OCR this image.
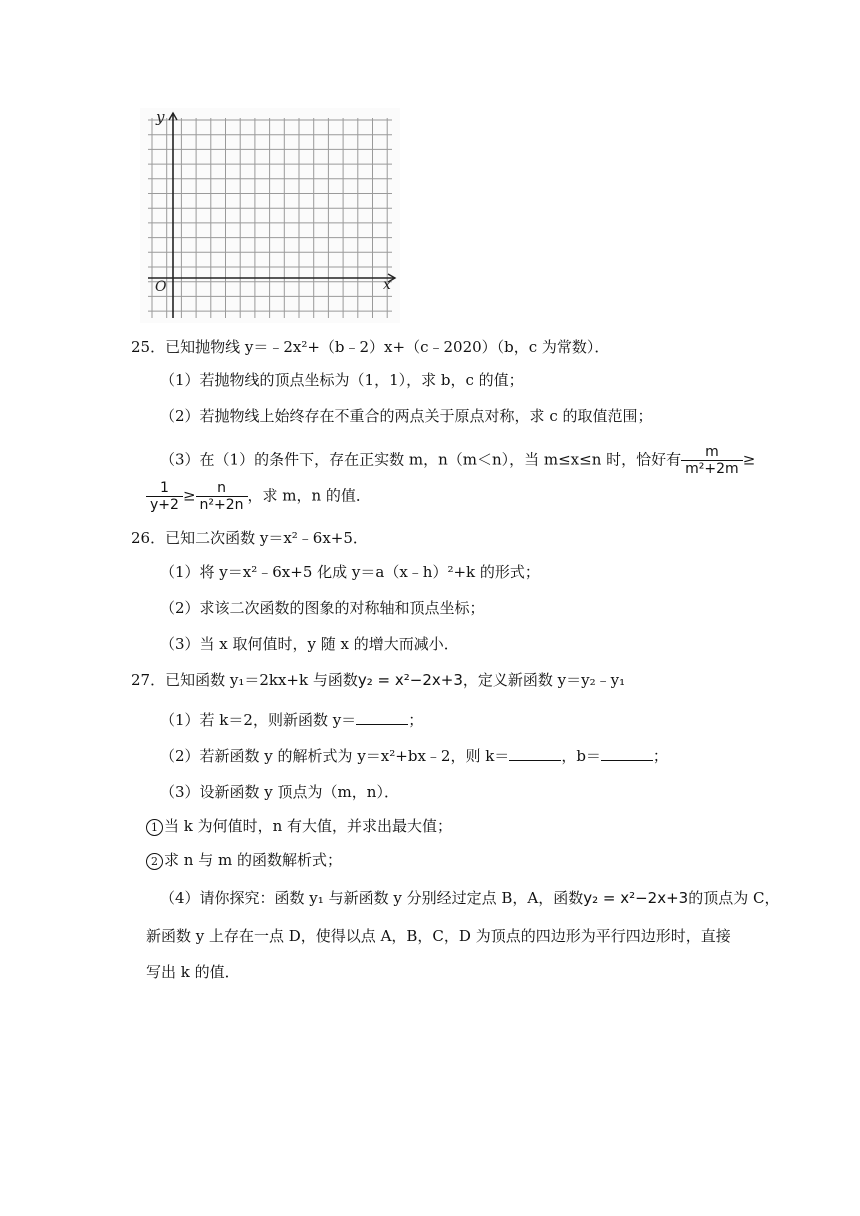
y
x
O
25．已知抛物线 y＝﹣2x²+（b﹣2）x+（c﹣2020）（b，c 为常数）．
（1）若抛物线的顶点坐标为（1，1），求 b，c 的值；
（2）若抛物线上始终存在不重合的两点关于原点对称，求 c 的取值范围；
（3）在（1）的条件下，存在正实数 m，n（m＜n），当 m≤x≤n 时，恰好有 $\frac{m}{\text{m²+2m}}$ ≥
$\frac{1}{y+2} \ge \frac{n}{\text{n²+2n}}$ ，求 m，n 的值．
26．已知二次函数 y＝x²﹣6x+5．
（1）将 y＝x²﹣6x+5 化成 y＝a（x﹣h）²+k 的形式；
（2）求该二次函数的图象的对称轴和顶点坐标；
（3）当 x 取何值时，y 随 x 的增大而减小．
27．已知函数 y₁＝2kx+k 与函数y₂ = x²−2x+3，定义新函数 y＝y₂﹣y₁
（1）若 k＝2，则新函数 y＝	；
（2）若新函数 y 的解析式为 y＝x²+bx﹣2，则 k＝	，b＝	；
（3）设新函数 y 顶点为（m，n）．
1 当 k 为何值时，n 有大值，并求出最大值；
2 求 n 与 m 的函数解析式；
（4）请你探究：函数 y₁ 与新函数 y 分别经过定点 B，A，函数y₂ = x²−2x+3的顶点为 C，
新函数 y 上存在一点 D，使得以点 A，B，C，D 为顶点的四边形为平行四边形时，直接
写出 k 的值．
